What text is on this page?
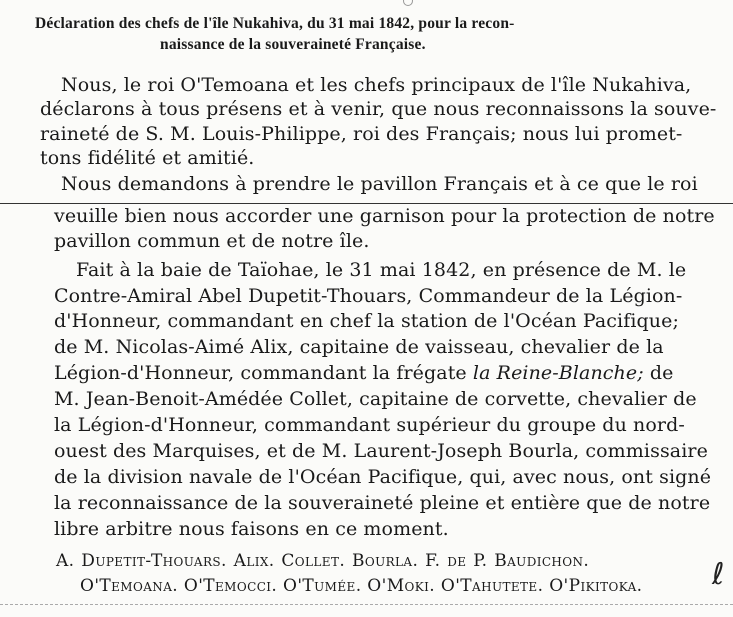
Déclaration des chefs de l'île Nukahiva, du 31 mai 1842, pour la recon-
naissance de la souveraineté Française.
Nous, le roi O'Temoana et les chefs principaux de l'île Nukahiva,
déclarons à tous présens et à venir, que nous reconnaissons la souve-
raineté de S. M. Louis-Philippe, roi des Français; nous lui promet-
tons fidélité et amitié.
Nous demandons à prendre le pavillon Français et à ce que le roi
veuille bien nous accorder une garnison pour la protection de notre
pavillon commun et de notre île.
Fait à la baie de Taïohae, le 31 mai 1842, en présence de M. le
Contre-Amiral Abel Dupetit-Thouars, Commandeur de la Légion-
d'Honneur, commandant en chef la station de l'Océan Pacifique;
de M. Nicolas-Aimé Alix, capitaine de vaisseau, chevalier de la
Légion-d'Honneur, commandant la frégate la Reine-Blanche; de
M. Jean-Benoit-Amédée Collet, capitaine de corvette, chevalier de
la Légion-d'Honneur, commandant supérieur du groupe du nord-
ouest des Marquises, et de M. Laurent-Joseph Bourla, commissaire
de la division navale de l'Océan Pacifique, qui, avec nous, ont signé
la reconnaissance de la souveraineté pleine et entière que de notre
libre arbitre nous faisons en ce moment.
A. Dupetit-Thouars. Alix. Collet. Bourla. F. de P. Baudichon.
O'Temoana. O'Temocci. O'Tumée. O'Moki. O'Tahutete. O'Pikitoka. ℓ
